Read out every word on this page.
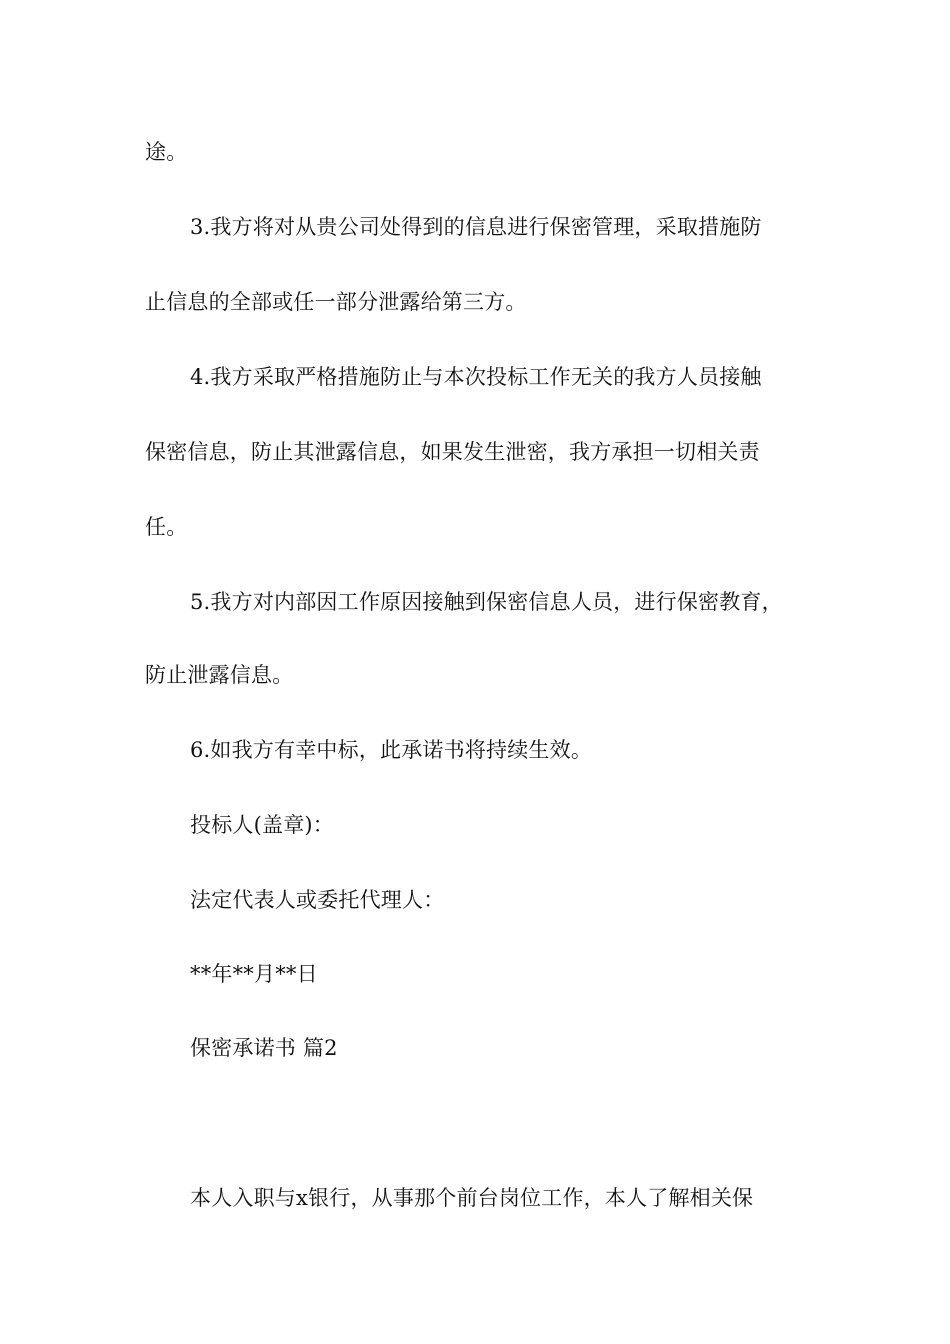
途。
3.我方将对从贵公司处得到的信息进行保密管理，采取措施防
止信息的全部或任一部分泄露给第三方。
4.我方采取严格措施防止与本次投标工作无关的我方人员接触
保密信息，防止其泄露信息，如果发生泄密，我方承担一切相关责
任。
5.我方对内部因工作原因接触到保密信息人员，进行保密教育，
防止泄露信息。
6.如我方有幸中标，此承诺书将持续生效。
投标人(盖章)：
法定代表人或委托代理人：
**年**月**日
保密承诺书 篇2
本人入职与x银行，从事那个前台岗位工作，本人了解相关保
